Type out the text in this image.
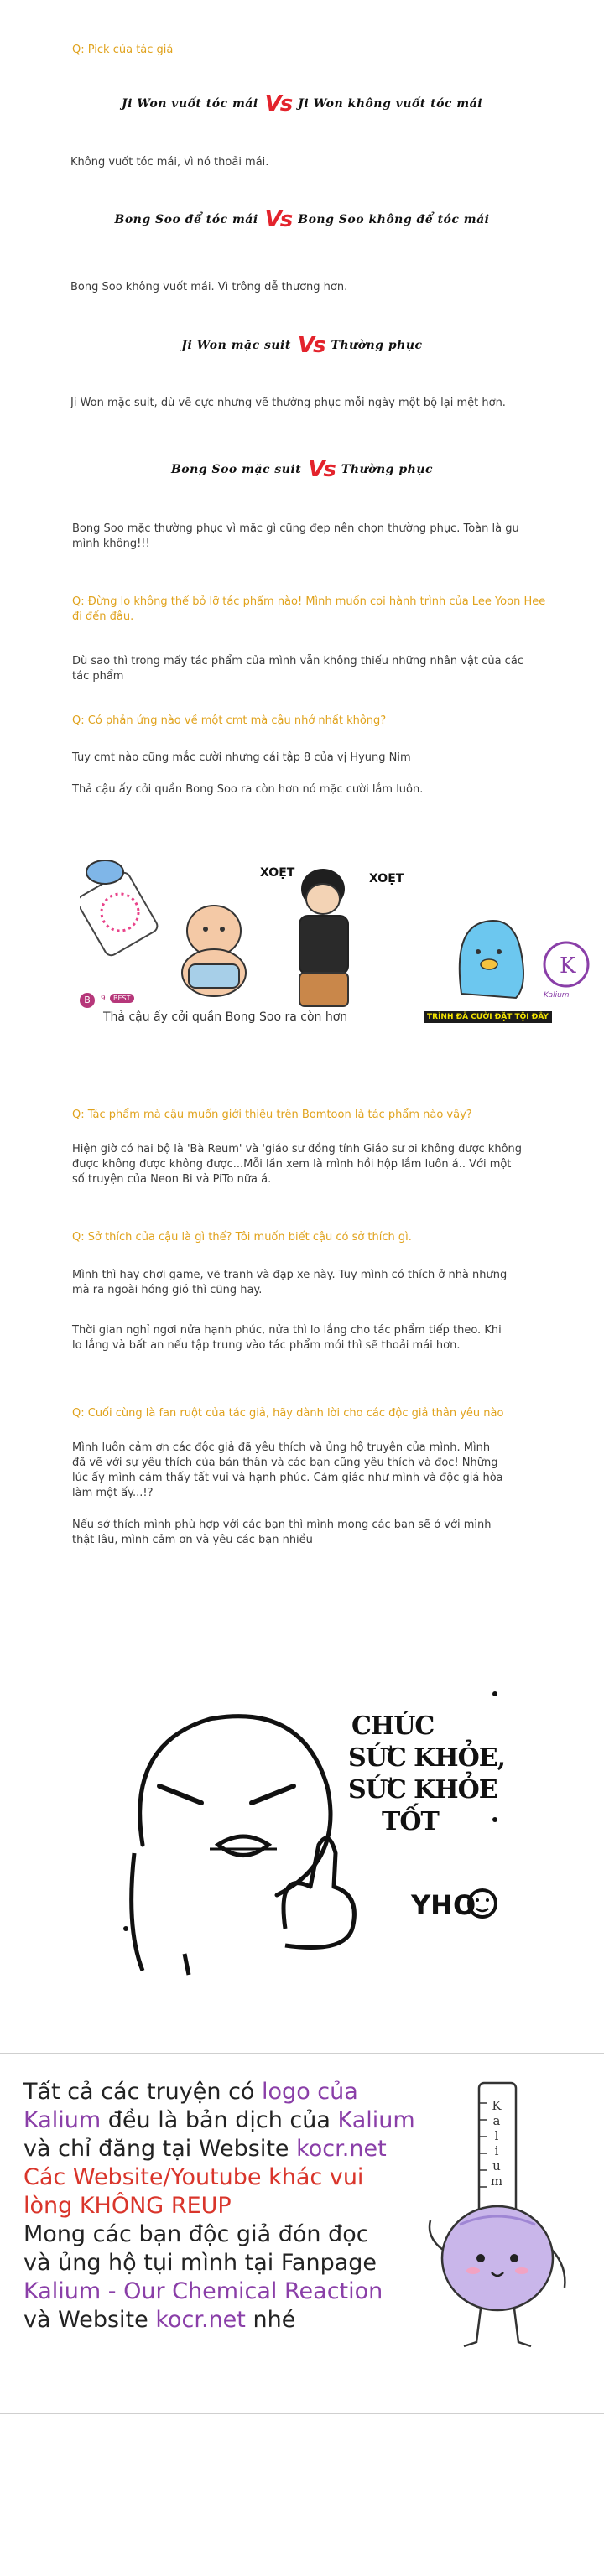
Q: Pick của tác giả
Ji Won vuốt tóc mái Vs Ji Won không vuốt tóc mái
Không vuốt tóc mái, vì nó thoải mái.
Bong Soo để tóc mái Vs Bong Soo không để tóc mái
Bong Soo không vuốt mái. Vì trông dễ thương hơn.
Ji Won mặc suit Vs Thường phục
Ji Won mặc suit, dù vẽ cực nhưng vẽ thường phục mỗi ngày một bộ lại mệt hơn.
Bong Soo mặc suit Vs Thường phục
Bong Soo mặc thường phục vì mặc gì cũng đẹp nên chọn thường phục. Toàn là gu
mình không!!!
Q: Đừng lo không thể bỏ lỡ tác phẩm nào! Mình muốn coi hành trình của Lee Yoon Hee
đi đến đâu.
Dù sao thì trong mấy tác phẩm của mình vẫn không thiếu những nhân vật của các
tác phẩm
Q: Có phản ứng nào về một cmt mà cậu nhớ nhất không?
Tuy cmt nào cũng mắc cười nhưng cái tập 8 của vị Hyung Nim
Thả cậu ấy cởi quần Bong Soo ra còn hơn nó mặc cười lắm luôn.
XOẸT	XOẸT
K
B	9	BEST
Thả cậu ấy cởi quần Bong Soo ra còn hơn	TRÌNH ĐÃ CƯỜI ĐẶT TỘI ĐÂY
Kalium
Q: Tác phẩm mà cậu muốn giới thiệu trên Bomtoon là tác phẩm nào vậy?
Hiện giờ có hai bộ là 'Bà Reum' và 'giáo sư đồng tính Giáo sư ơi không được không
được không được không được...Mỗi lần xem là mình hồi hộp lắm luôn á.. Với một
số truyện của Neon Bi và PiTo nữa á.
Q: Sở thích của cậu là gì thế? Tôi muốn biết cậu có sở thích gì.
Mình thì hay chơi game, vẽ tranh và đạp xe này. Tuy mình có thích ở nhà nhưng
mà ra ngoài hóng gió thì cũng hay.
Thời gian nghỉ ngơi nửa hạnh phúc, nửa thì lo lắng cho tác phẩm tiếp theo. Khi
lo lắng và bất an nếu tập trung vào tác phẩm mới thì sẽ thoải mái hơn.
Q: Cuối cùng là fan ruột của tác giả, hãy dành lời cho các độc giả thân yêu nào
Mình luôn cảm ơn các độc giả đã yêu thích và ủng hộ truyện của mình. Mình
đã vẽ với sự yêu thích của bản thân và các bạn cũng yêu thích và đọc! Những
lúc ấy mình cảm thấy tất vui và hạnh phúc. Cảm giác như mình và độc giả hòa
làm một ấy...!?
Nếu sở thích mình phù hợp với các bạn thì mình mong các bạn sẽ ở với mình
thật lâu, mình cảm ơn và yêu các bạn nhiều
CHÚC
SỨC KHỎE,
SỨC KHỎE
TỐT
YHO
Tất cả các truyện có logo của
Kalium đều là bản dịch của Kalium
và chỉ đăng tại Website kocr.net
Các Website/Youtube khác vui
lòng KHÔNG REUP
Mong các bạn độc giả đón đọc
và ủng hộ tụi mình tại Fanpage
Kalium - Our Chemical Reaction
và Website kocr.net nhé
Kalium
